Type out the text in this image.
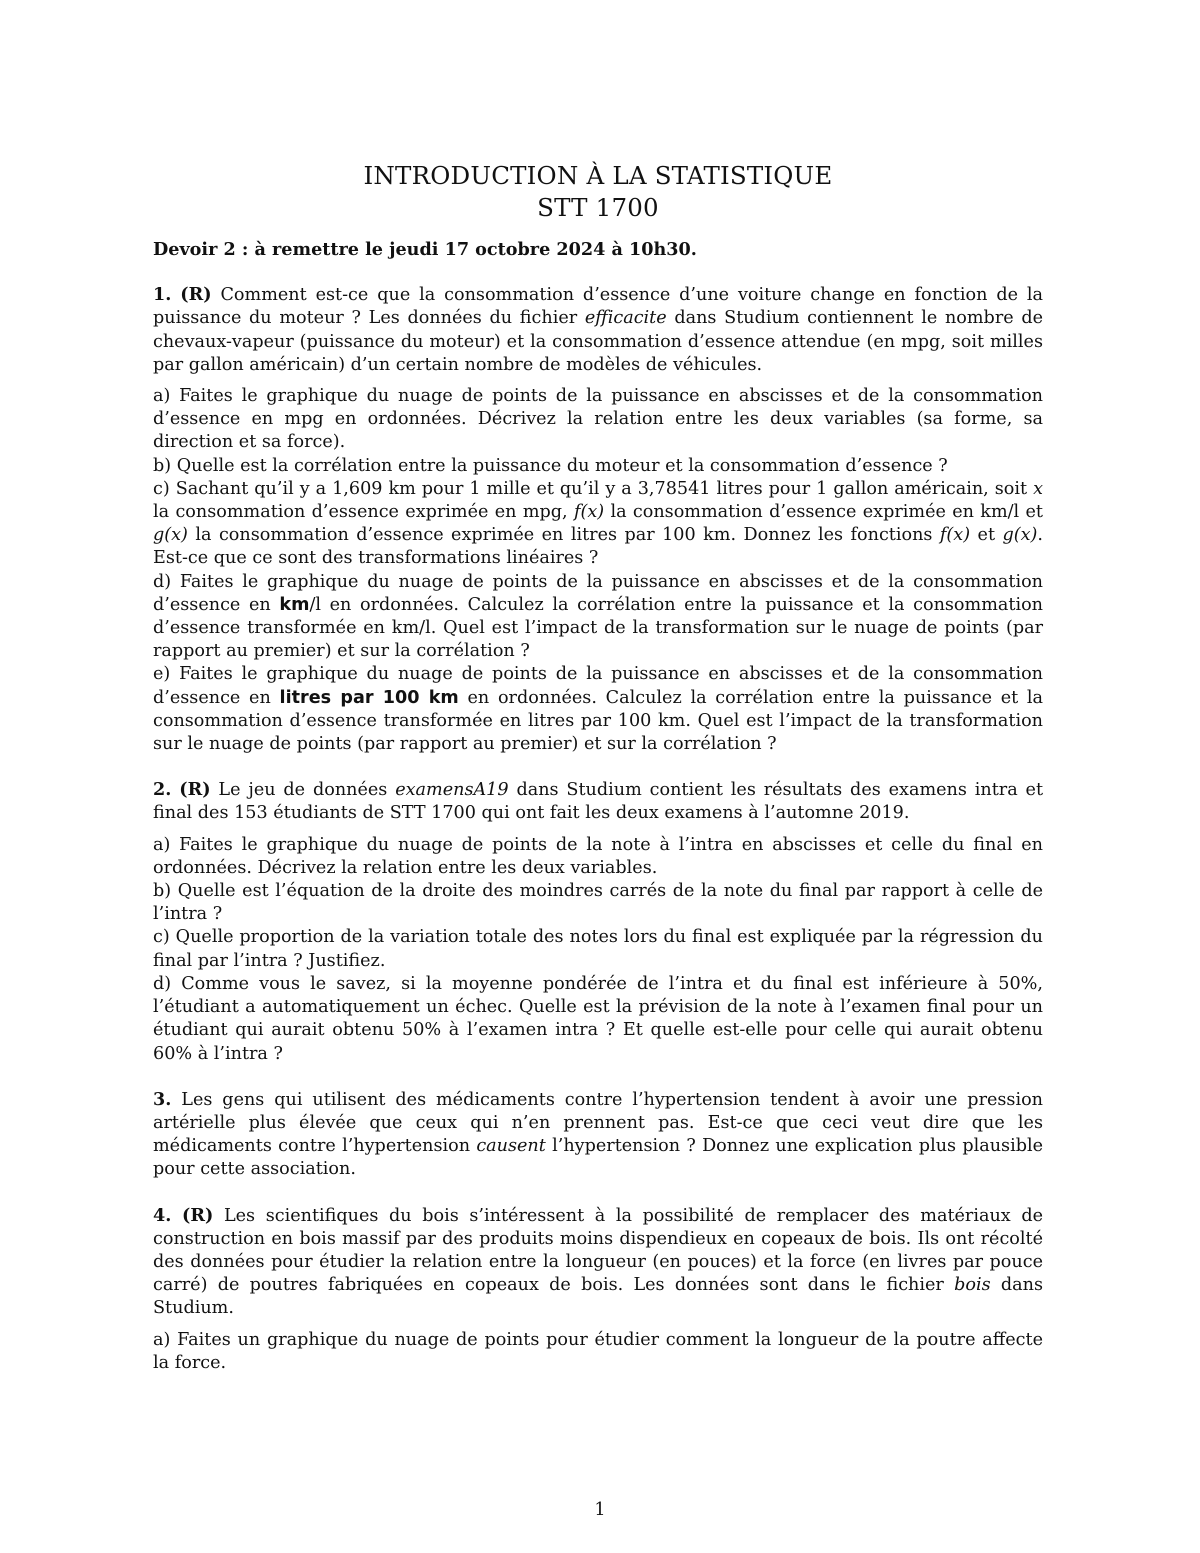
INTRODUCTION À LA STATISTIQUE
STT 1700
Devoir 2 : à remettre le jeudi 17 octobre 2024 à 10h30.
1. (R) Comment est-ce que la consommation d’essence d’une voiture change en fonction de la puissance du moteur ? Les données du fichier efficacite dans Studium contiennent le nombre de chevaux-vapeur (puissance du moteur) et la consommation d’essence attendue (en mpg, soit milles par gallon américain) d’un certain nombre de modèles de véhicules.
a) Faites le graphique du nuage de points de la puissance en abscisses et de la consommation d’essence en mpg en ordonnées. Décrivez la relation entre les deux variables (sa forme, sa direction et sa force).
b) Quelle est la corrélation entre la puissance du moteur et la consommation d’essence ?
c) Sachant qu’il y a 1,609 km pour 1 mille et qu’il y a 3,78541 litres pour 1 gallon américain, soit x la consommation d’essence exprimée en mpg, f(x) la consommation d’essence exprimée en km/l et g(x) la consommation d’essence exprimée en litres par 100 km. Donnez les fonctions f(x) et g(x). Est-ce que ce sont des transformations linéaires ?
d) Faites le graphique du nuage de points de la puissance en abscisses et de la consommation d’essence en km/l en ordonnées. Calculez la corrélation entre la puissance et la consommation d’essence transformée en km/l. Quel est l’impact de la transformation sur le nuage de points (par rapport au premier) et sur la corrélation ?
e) Faites le graphique du nuage de points de la puissance en abscisses et de la consommation d’essence en litres par 100 km en ordonnées. Calculez la corrélation entre la puissance et la consommation d’essence transformée en litres par 100 km. Quel est l’impact de la transformation sur le nuage de points (par rapport au premier) et sur la corrélation ?
2. (R) Le jeu de données examensA19 dans Studium contient les résultats des examens intra et final des 153 étudiants de STT 1700 qui ont fait les deux examens à l’automne 2019.
a) Faites le graphique du nuage de points de la note à l’intra en abscisses et celle du final en ordonnées. Décrivez la relation entre les deux variables.
b) Quelle est l’équation de la droite des moindres carrés de la note du final par rapport à celle de l’intra ?
c) Quelle proportion de la variation totale des notes lors du final est expliquée par la régression du final par l’intra ? Justifiez.
d) Comme vous le savez, si la moyenne pondérée de l’intra et du final est inférieure à 50%, l’étudiant a automatiquement un échec. Quelle est la prévision de la note à l’examen final pour un étudiant qui aurait obtenu 50% à l’examen intra ? Et quelle est-elle pour celle qui aurait obtenu 60% à l’intra ?
3. Les gens qui utilisent des médicaments contre l’hypertension tendent à avoir une pression artérielle plus élevée que ceux qui n’en prennent pas. Est-ce que ceci veut dire que les médicaments contre l’hypertension causent l’hypertension ? Donnez une explication plus plausible pour cette association.
4. (R) Les scientifiques du bois s’intéressent à la possibilité de remplacer des matériaux de construction en bois massif par des produits moins dispendieux en copeaux de bois. Ils ont récolté des données pour étudier la relation entre la longueur (en pouces) et la force (en livres par pouce carré) de poutres fabriquées en copeaux de bois. Les données sont dans le fichier bois dans Studium.
a) Faites un graphique du nuage de points pour étudier comment la longueur de la poutre affecte la force.
1
